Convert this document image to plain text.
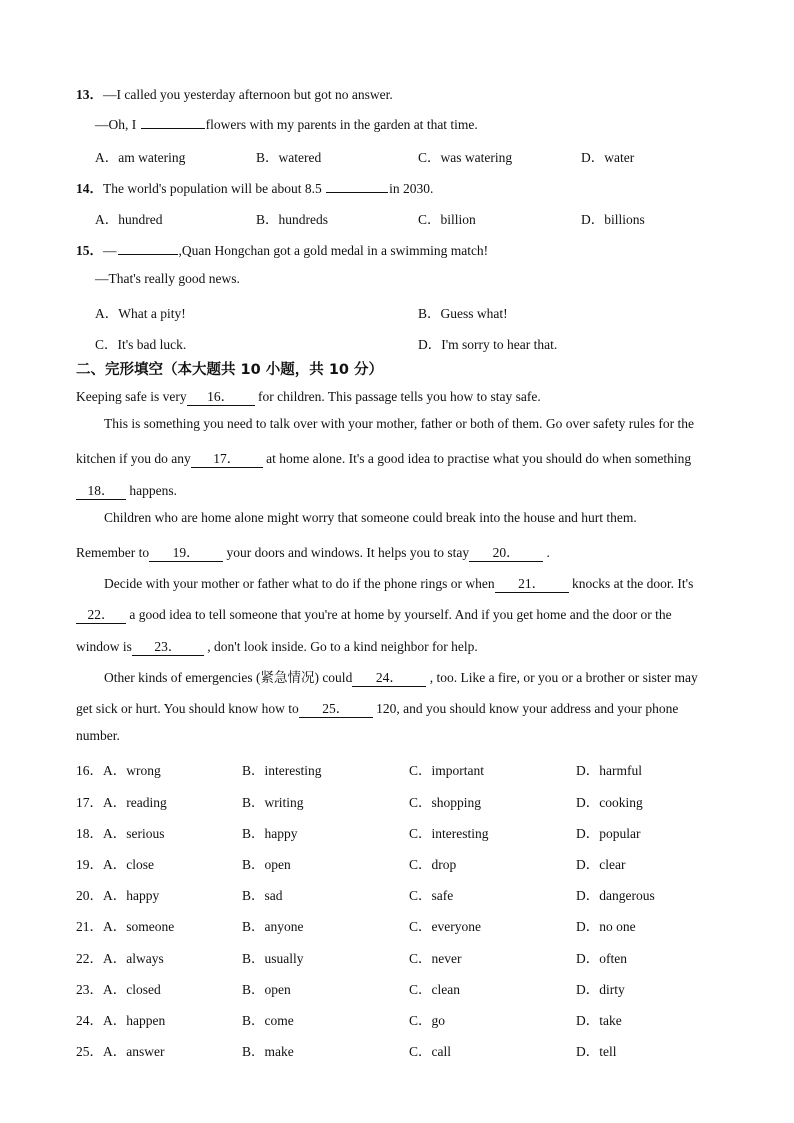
13．—I called you yesterday afternoon but got no answer.
—Oh, I	flowers with my parents in the garden at that time.
A．am watering	B．watered	C．was watering	D．water
14．The world's population will be about 8.5	in 2030.
A．hundred	B．hundreds	C．billion	D．billions
15．—	,Quan Hongchan got a gold medal in a swimming match!
—That's really good news.
A．What a pity!	B．Guess what!
C．It's bad luck.	D．I'm sorry to hear that.
二、完形填空（本大题共 10 小题，共 10 分）
Keeping safe is very 16． for children. This passage tells you how to stay safe.
This is something you need to talk over with your mother, father or both of them. Go over safety rules for the
kitchen if you do any 17． at home alone. It's a good idea to practise what you should do when something
18． happens.
Children who are home alone might worry that someone could break into the house and hurt them.
Remember to 19． your doors and windows. It helps you to stay 20． .
Decide with your mother or father what to do if the phone rings or when 21． knocks at the door. It's
22． a good idea to tell someone that you're at home by yourself. And if you get home and the door or the
window is 23． , don't look inside. Go to a kind neighbor for help.
Other kinds of emergencies (紧急情况) could 24． , too. Like a fire, or you or a brother or sister may
get sick or hurt. You should know how to 25． 120, and you should know your address and your phone
number.
16．A．wrong	B．interesting	C．important	D．harmful
17．A．reading	B．writing	C．shopping	D．cooking
18．A．serious	B．happy	C．interesting	D．popular
19．A．close	B．open	C．drop	D．clear
20．A．happy	B．sad	C．safe	D．dangerous
21．A．someone	B．anyone	C．everyone	D．no one
22．A．always	B．usually	C．never	D．often
23．A．closed	B．open	C．clean	D．dirty
24．A．happen	B．come	C．go	D．take
25．A．answer	B．make	C．call	D．tell
